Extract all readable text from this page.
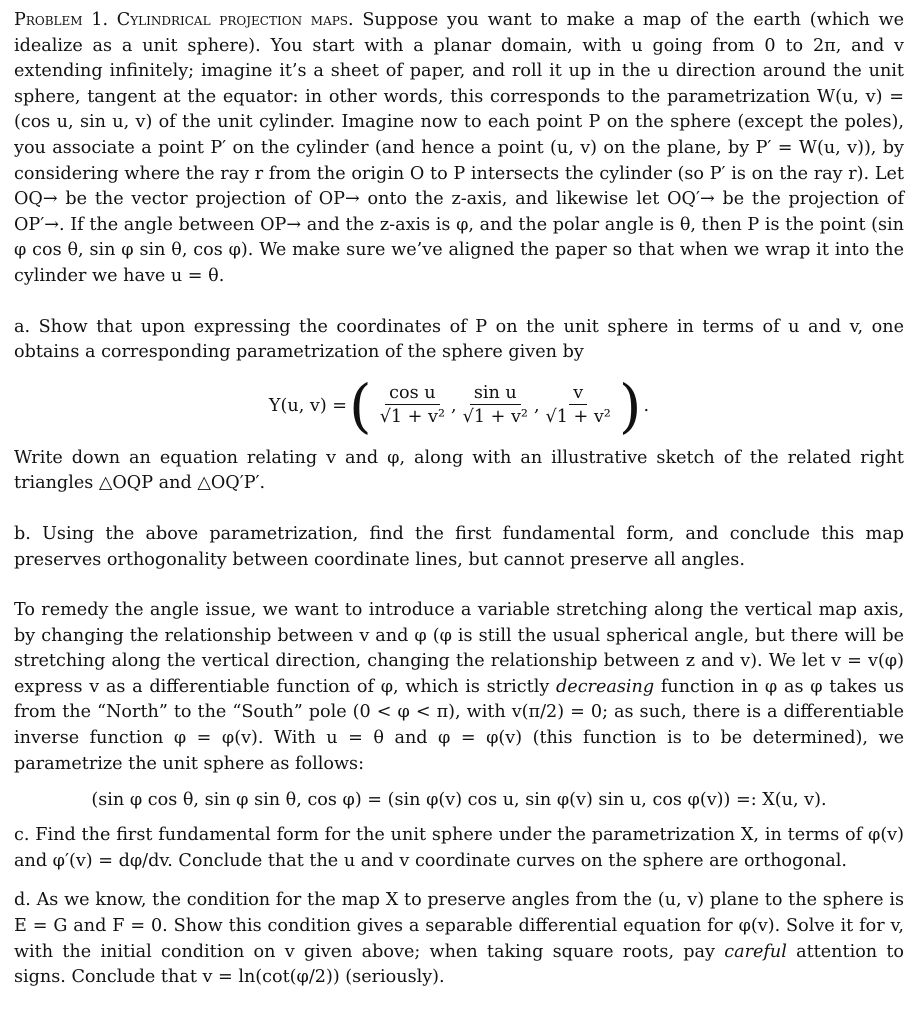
Problem 1. Cylindrical projection maps. Suppose you want to make a map of the earth (which we idealize as a unit sphere). You start with a planar domain, with u going from 0 to 2π, and v extending infinitely; imagine it’s a sheet of paper, and roll it up in the u direction around the unit sphere, tangent at the equator: in other words, this corresponds to the parametrization W(u, v) = (cos u, sin u, v) of the unit cylinder. Imagine now to each point P on the sphere (except the poles), you associate a point P′ on the cylinder (and hence a point (u, v) on the plane, by P′ = W(u, v)), by considering where the ray r from the origin O to P intersects the cylinder (so P′ is on the ray r). Let OQ→ be the vector projection of OP→ onto the z-axis, and likewise let OQ′→ be the projection of OP′→. If the angle between OP→ and the z-axis is φ, and the polar angle is θ, then P is the point (sin φ cos θ, sin φ sin θ, cos φ). We make sure we’ve aligned the paper so that when we wrap it into the cylinder we have u = θ.

a. Show that upon expressing the coordinates of P on the unit sphere in terms of u and v, one obtains a corresponding parametrization of the sphere given by

Y(u, v) = ( $\frac{\text{cos u}}{\text{√1 + v²}}$ , $\frac{\text{sin u}}{\text{√1 + v²}}$ , $\frac{v}{\text{√1 + v²}}$ ) .

Write down an equation relating v and φ, along with an illustrative sketch of the related right triangles △OQP and △OQ′P′.

b. Using the above parametrization, find the first fundamental form, and conclude this map preserves orthogonality between coordinate lines, but cannot preserve all angles.

To remedy the angle issue, we want to introduce a variable stretching along the vertical map axis, by changing the relationship between v and φ (φ is still the usual spherical angle, but there will be stretching along the vertical direction, changing the relationship between z and v). We let v = v(φ) express v as a differentiable function of φ, which is strictly decreasing function in φ as φ takes us from the “North” to the “South” pole (0 < φ < π), with v(π/2) = 0; as such, there is a differentiable inverse function φ = φ(v). With u = θ and φ = φ(v) (this function is to be determined), we parametrize the unit sphere as follows:

(sin φ cos θ, sin φ sin θ, cos φ) = (sin φ(v) cos u, sin φ(v) sin u, cos φ(v)) =: X(u, v).

c. Find the first fundamental form for the unit sphere under the parametrization X, in terms of φ(v) and φ′(v) = dφ/dv. Conclude that the u and v coordinate curves on the sphere are orthogonal.

d. As we know, the condition for the map X to preserve angles from the (u, v) plane to the sphere is E = G and F = 0. Show this condition gives a separable differential equation for φ(v). Solve it for v, with the initial condition on v given above; when taking square roots, pay careful attention to signs. Conclude that v = ln(cot(φ/2)) (seriously).
